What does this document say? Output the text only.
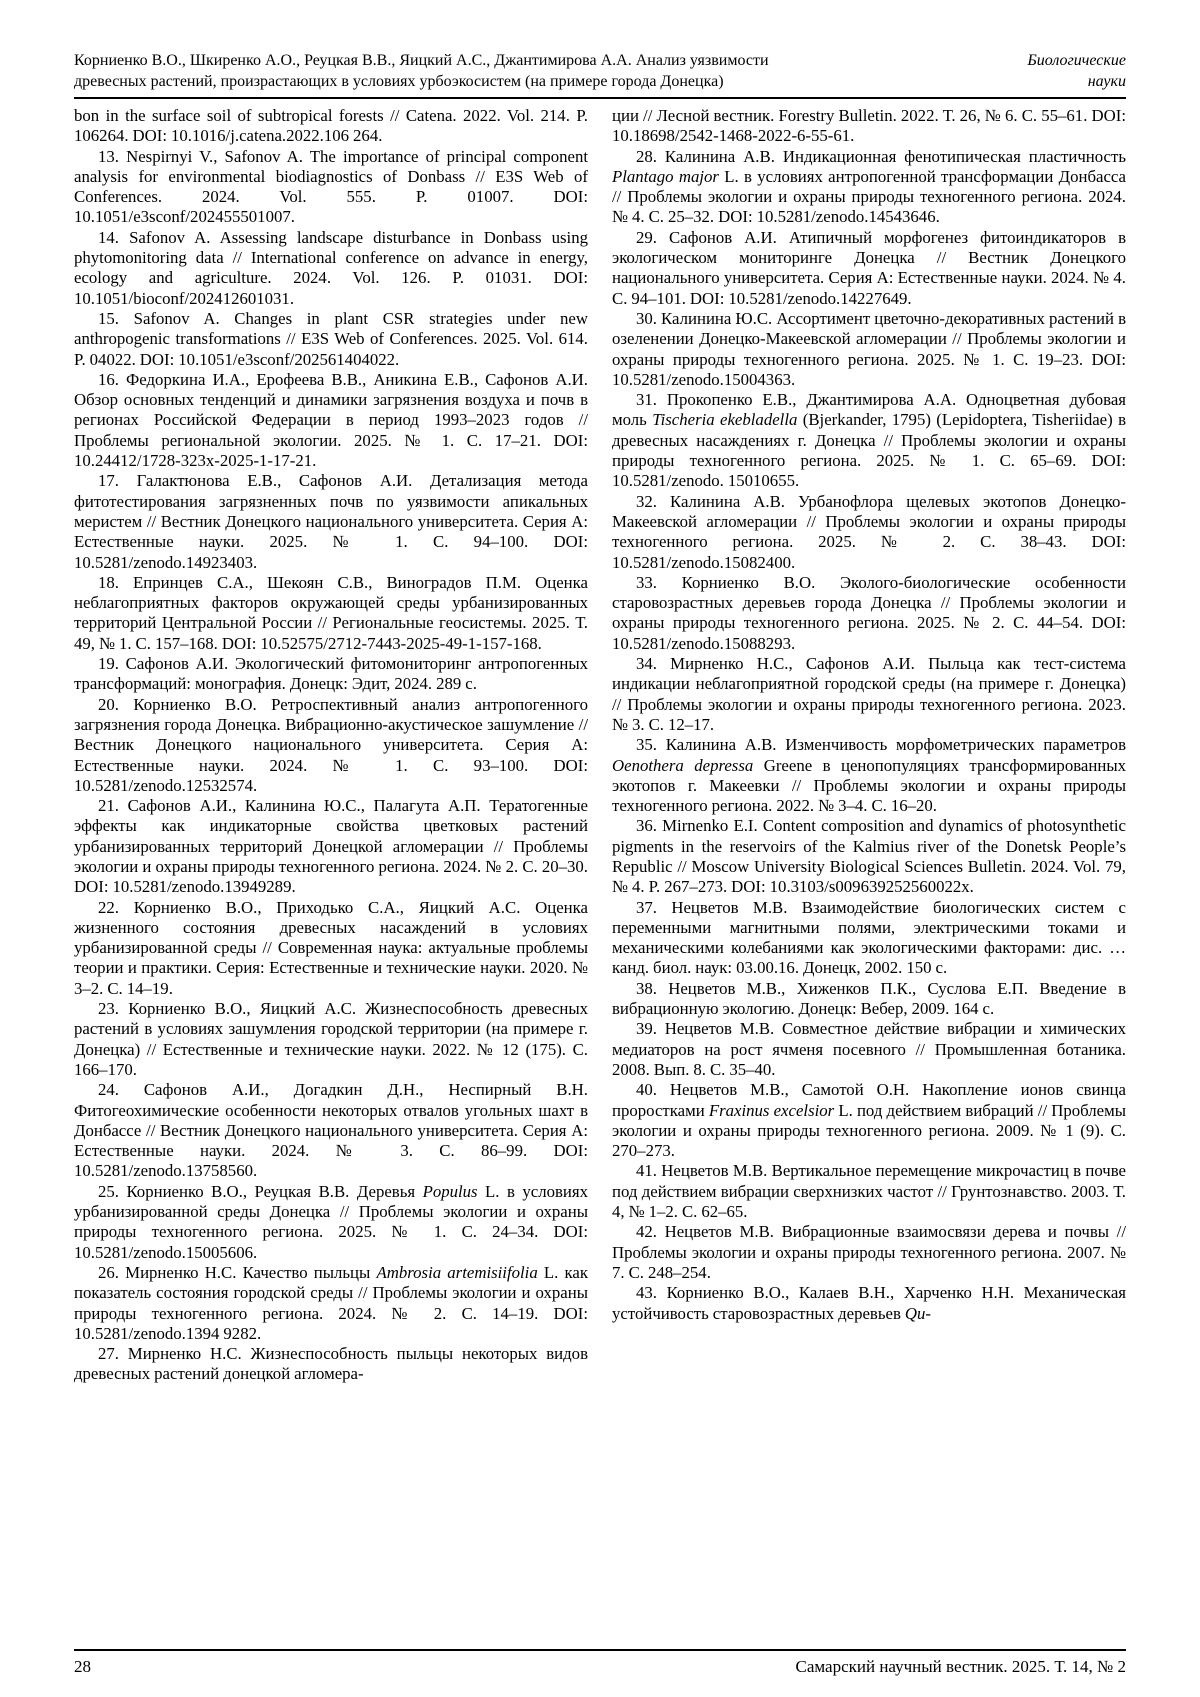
Корниенко В.О., Шкиренко А.О., Реуцкая В.В., Яицкий А.С., Джантимирова А.А. Анализ уязвимости
древесных растений, произрастающих в условиях урбоэкосистем (на примере города Донецка)
Биологические
науки

bon in the surface soil of subtropical forests // Catena. 2022. Vol. 214. P. 106264. DOI: 10.1016/j.catena.2022.106 264.

13. Nespirnyi V., Safonov A. The importance of principal component analysis for environmental biodiagnostics of Donbass // E3S Web of Conferences. 2024. Vol. 555. P. 01007. DOI: 10.1051/e3sconf/202455501007.

14. Safonov A. Assessing landscape disturbance in Donbass using phytomonitoring data // International conference on advance in energy, ecology and agriculture. 2024. Vol. 126. P. 01031. DOI: 10.1051/bioconf/202412601031.

15. Safonov A. Changes in plant CSR strategies under new anthropogenic transformations // E3S Web of Conferences. 2025. Vol. 614. P. 04022. DOI: 10.1051/e3sconf/202561404022.

16. Федоркина И.А., Ерофеева В.В., Аникина Е.В., Сафонов А.И. Обзор основных тенденций и динамики загрязнения воздуха и почв в регионах Российской Федерации в период 1993–2023 годов // Проблемы региональной экологии. 2025. № 1. С. 17–21. DOI: 10.24412/1728-323x-2025-1-17-21.

17. Галактюнова Е.В., Сафонов А.И. Детализация метода фитотестирования загрязненных почв по уязвимости апикальных меристем // Вестник Донецкого национального университета. Серия А: Естественные науки. 2025. № 1. С. 94–100. DOI: 10.5281/zenodo.14923403.

18. Епринцев С.А., Шекоян С.В., Виноградов П.М. Оценка неблагоприятных факторов окружающей среды урбанизированных территорий Центральной России // Региональные геосистемы. 2025. Т. 49, № 1. С. 157–168. DOI: 10.52575/2712-7443-2025-49-1-157-168.

19. Сафонов А.И. Экологический фитомониторинг антропогенных трансформаций: монография. Донецк: Эдит, 2024. 289 с.

20. Корниенко В.О. Ретроспективный анализ антропогенного загрязнения города Донецка. Вибрационно-акустическое зашумление // Вестник Донецкого национального университета. Серия А: Естественные науки. 2024. № 1. С. 93–100. DOI: 10.5281/zenodo.12532574.

21. Сафонов А.И., Калинина Ю.С., Палагута А.П. Тератогенные эффекты как индикаторные свойства цветковых растений урбанизированных территорий Донецкой агломерации // Проблемы экологии и охраны природы техногенного региона. 2024. № 2. С. 20–30. DOI: 10.5281/zenodo.13949289.

22. Корниенко В.О., Приходько С.А., Яицкий А.С. Оценка жизненного состояния древесных насаждений в условиях урбанизированной среды // Современная наука: актуальные проблемы теории и практики. Серия: Естественные и технические науки. 2020. № 3–2. С. 14–19.

23. Корниенко В.О., Яицкий А.С. Жизнеспособность древесных растений в условиях зашумления городской территории (на примере г. Донецка) // Естественные и технические науки. 2022. № 12 (175). С. 166–170.

24. Сафонов А.И., Догадкин Д.Н., Неспирный В.Н. Фитогеохимические особенности некоторых отвалов угольных шахт в Донбассе // Вестник Донецкого национального университета. Серия А: Естественные науки. 2024. № 3. С. 86–99. DOI: 10.5281/zenodo.13758560.

25. Корниенко В.О., Реуцкая В.В. Деревья Populus L. в условиях урбанизированной среды Донецка // Проблемы экологии и охраны природы техногенного региона. 2025. № 1. С. 24–34. DOI: 10.5281/zenodo.15005606.

26. Мирненко Н.С. Качество пыльцы Ambrosia artemisiifolia L. как показатель состояния городской среды // Проблемы экологии и охраны природы техногенного региона. 2024. № 2. С. 14–19. DOI: 10.5281/zenodo.1394 9282.

27. Мирненко Н.С. Жизнеспособность пыльцы некоторых видов древесных растений донецкой агломера-

ции // Лесной вестник. Forestry Bulletin. 2022. Т. 26, № 6. С. 55–61. DOI: 10.18698/2542-1468-2022-6-55-61.

28. Калинина А.В. Индикационная фенотипическая пластичность Plantago major L. в условиях антропогенной трансформации Донбасса // Проблемы экологии и охраны природы техногенного региона. 2024. № 4. С. 25–32. DOI: 10.5281/zenodo.14543646.

29. Сафонов А.И. Атипичный морфогенез фитоиндикаторов в экологическом мониторинге Донецка // Вестник Донецкого национального университета. Серия А: Естественные науки. 2024. № 4. С. 94–101. DOI: 10.5281/zenodo.14227649.

30. Калинина Ю.С. Ассортимент цветочно-декоративных растений в озеленении Донецко-Макеевской агломерации // Проблемы экологии и охраны природы техногенного региона. 2025. № 1. С. 19–23. DOI: 10.5281/zenodo.15004363.

31. Прокопенко Е.В., Джантимирова А.А. Одноцветная дубовая моль Tischeria ekebladella (Bjerkander, 1795) (Lepidoptera, Tisheriidae) в древесных насаждениях г. Донецка // Проблемы экологии и охраны природы техногенного региона. 2025. № 1. С. 65–69. DOI: 10.5281/zenodo. 15010655.

32. Калинина А.В. Урбанофлора щелевых экотопов Донецко-Макеевской агломерации // Проблемы экологии и охраны природы техногенного региона. 2025. № 2. С. 38–43. DOI: 10.5281/zenodo.15082400.

33. Корниенко В.О. Эколого-биологические особенности старовозрастных деревьев города Донецка // Проблемы экологии и охраны природы техногенного региона. 2025. № 2. С. 44–54. DOI: 10.5281/zenodo.15088293.

34. Мирненко Н.С., Сафонов А.И. Пыльца как тест-система индикации неблагоприятной городской среды (на примере г. Донецка) // Проблемы экологии и охраны природы техногенного региона. 2023. № 3. С. 12–17.

35. Калинина А.В. Изменчивость морфометрических параметров Oenothera depressa Greene в ценопопуляциях трансформированных экотопов г. Макеевки // Проблемы экологии и охраны природы техногенного региона. 2022. № 3–4. С. 16–20.

36. Mirnenko E.I. Content composition and dynamics of photosynthetic pigments in the reservoirs of the Kalmius river of the Donetsk People’s Republic // Moscow University Biological Sciences Bulletin. 2024. Vol. 79, № 4. P. 267–273. DOI: 10.3103/s009639252560022x.

37. Нецветов М.В. Взаимодействие биологических систем с переменными магнитными полями, электрическими токами и механическими колебаниями как экологическими факторами: дис. … канд. биол. наук: 03.00.16. Донецк, 2002. 150 с.

38. Нецветов М.В., Хиженков П.К., Суслова Е.П. Введение в вибрационную экологию. Донецк: Вебер, 2009. 164 с.

39. Нецветов М.В. Совместное действие вибрации и химических медиаторов на рост ячменя посевного // Промышленная ботаника. 2008. Вып. 8. С. 35–40.

40. Нецветов М.В., Самотой О.Н. Накопление ионов свинца проростками Fraxinus excelsior L. под действием вибраций // Проблемы экологии и охраны природы техногенного региона. 2009. № 1 (9). С. 270–273.

41. Нецветов М.В. Вертикальное перемещение микрочастиц в почве под действием вибрации сверхнизких частот // Грунтознавство. 2003. Т. 4, № 1–2. С. 62–65.

42. Нецветов М.В. Вибрационные взаимосвязи дерева и почвы // Проблемы экологии и охраны природы техногенного региона. 2007. № 7. С. 248–254.

43. Корниенко В.О., Калаев В.Н., Харченко Н.Н. Механическая устойчивость старовозрастных деревьев Qu-

28	Самарский научный вестник. 2025. Т. 14, № 2
